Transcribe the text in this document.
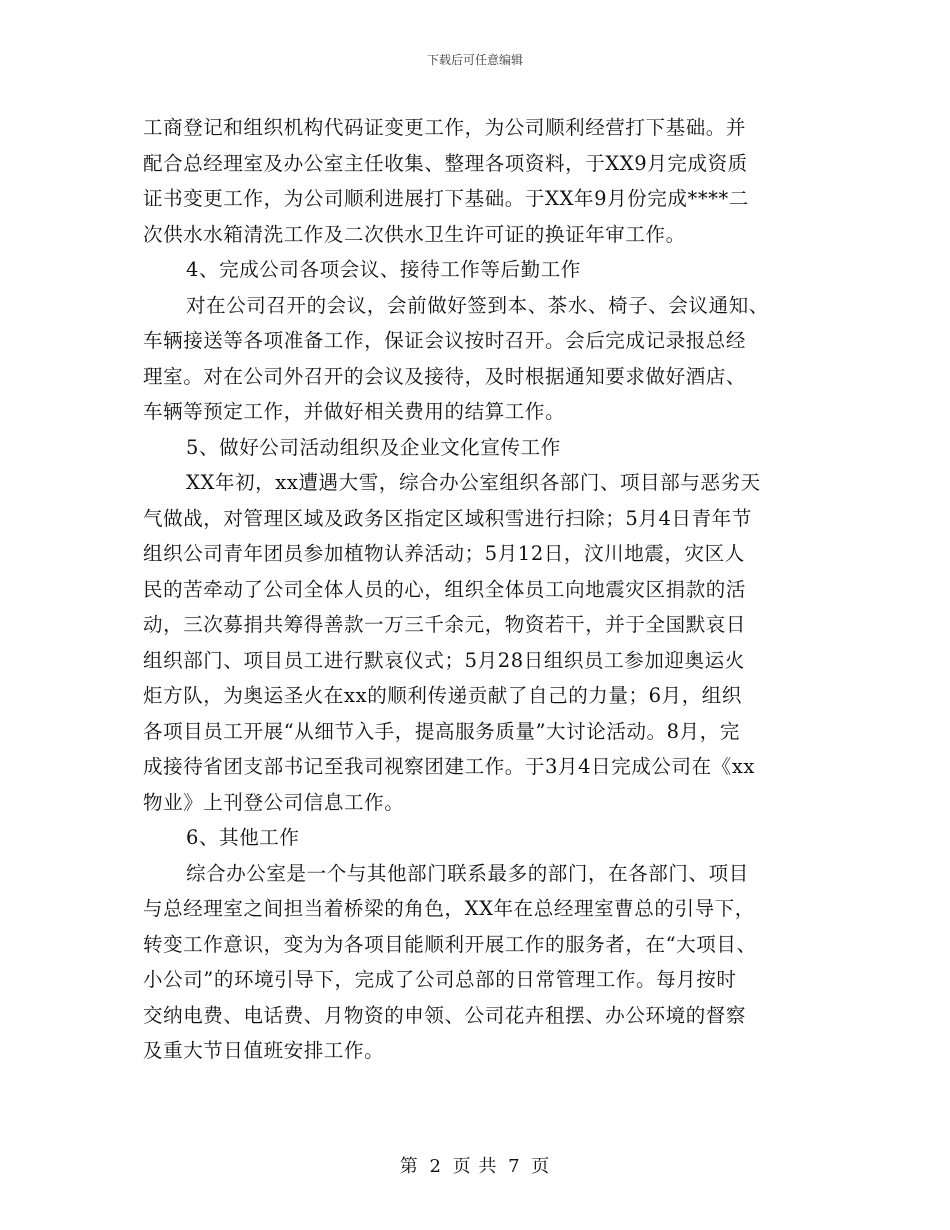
下载后可任意编辑
工商登记和组织机构代码证变更工作，为公司顺利经营打下基础。并
配合总经理室及办公室主任收集、整理各项资料，于XX9月完成资质
证书变更工作，为公司顺利进展打下基础。于XX年9月份完成****二
次供水水箱清洗工作及二次供水卫生许可证的换证年审工作。
4、完成公司各项会议、接待工作等后勤工作
对在公司召开的会议，会前做好签到本、茶水、椅子、会议通知、
车辆接送等各项准备工作，保证会议按时召开。会后完成记录报总经
理室。对在公司外召开的会议及接待，及时根据通知要求做好酒店、
车辆等预定工作，并做好相关费用的结算工作。
5、做好公司活动组织及企业文化宣传工作
XX年初，xx遭遇大雪，综合办公室组织各部门、项目部与恶劣天
气做战，对管理区域及政务区指定区域积雪进行扫除；5月4日青年节
组织公司青年团员参加植物认养活动；5月12日，汶川地震，灾区人
民的苦牵动了公司全体人员的心，组织全体员工向地震灾区捐款的活
动，三次募捐共筹得善款一万三千余元，物资若干，并于全国默哀日
组织部门、项目员工进行默哀仪式；5月28日组织员工参加迎奥运火
炬方队，为奥运圣火在xx的顺利传递贡献了自己的力量；6月，组织
各项目员工开展“从细节入手，提高服务质量”大讨论活动。8月，完
成接待省团支部书记至我司视察团建工作。于3月4日完成公司在《xx
物业》上刊登公司信息工作。
6、其他工作
综合办公室是一个与其他部门联系最多的部门，在各部门、项目
与总经理室之间担当着桥梁的角色，XX年在总经理室曹总的引导下，
转变工作意识，变为为各项目能顺利开展工作的服务者，在“大项目、
小公司”的环境引导下，完成了公司总部的日常管理工作。每月按时
交纳电费、电话费、月物资的申领、公司花卉租摆、办公环境的督察
及重大节日值班安排工作。
第 2 页 共 7 页
